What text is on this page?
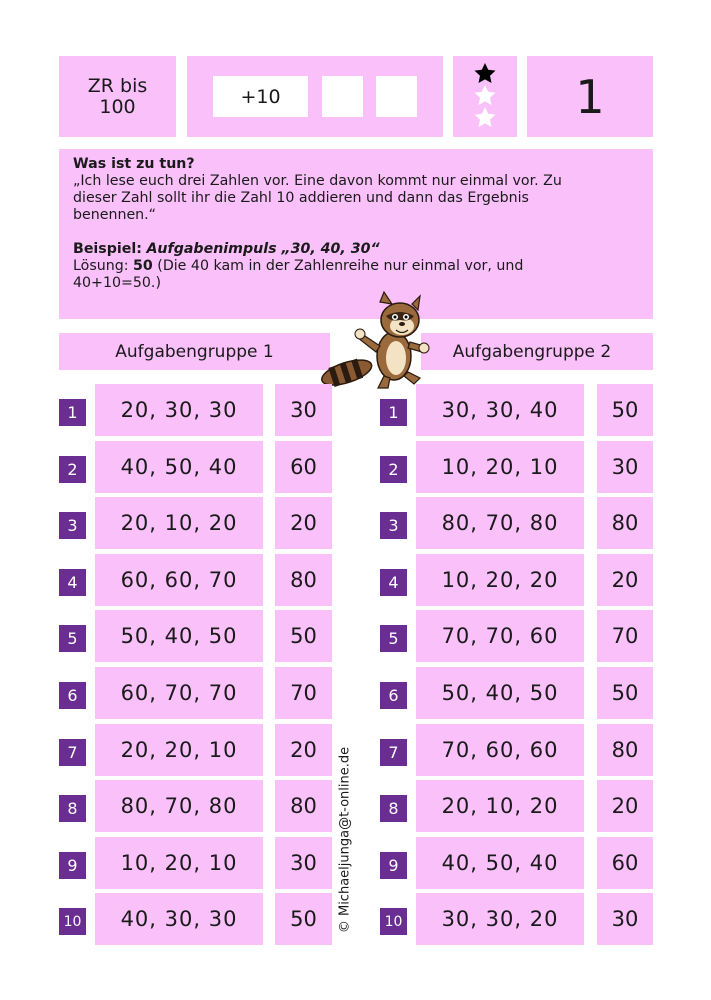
ZR bis 100	+10	1

Was ist zu tun?

„Ich lese euch drei Zahlen vor. Eine davon kommt nur einmal vor. Zu dieser Zahl sollt ihr die Zahl 10 addieren und dann das Ergebnis benennen.“

Beispiel: Aufgabenimpuls „30, 40, 30“

Lösung: 50 (Die 40 kam in der Zahlenreihe nur einmal vor, und 40+10=50.)

Aufgabengruppe 1	Aufgabengruppe 2
1	20, 30, 30	30
2	40, 50, 40	60
3	20, 10, 20	20
4	60, 60, 70	80
5	50, 40, 50	50
6	60, 70, 70	70
7	20, 20, 10	20
8	80, 70, 80	80
9	10, 20, 10	30
10	40, 30, 30	50
1	30, 30, 40	50
2	10, 20, 10	30
3	80, 70, 80	80
4	10, 20, 20	20
5	70, 70, 60	70
6	50, 40, 50	50
7	70, 60, 60	80
8	20, 10, 20	20
9	40, 50, 40	60
10	30, 30, 20	30
© Michaeljunga@t-online.de
